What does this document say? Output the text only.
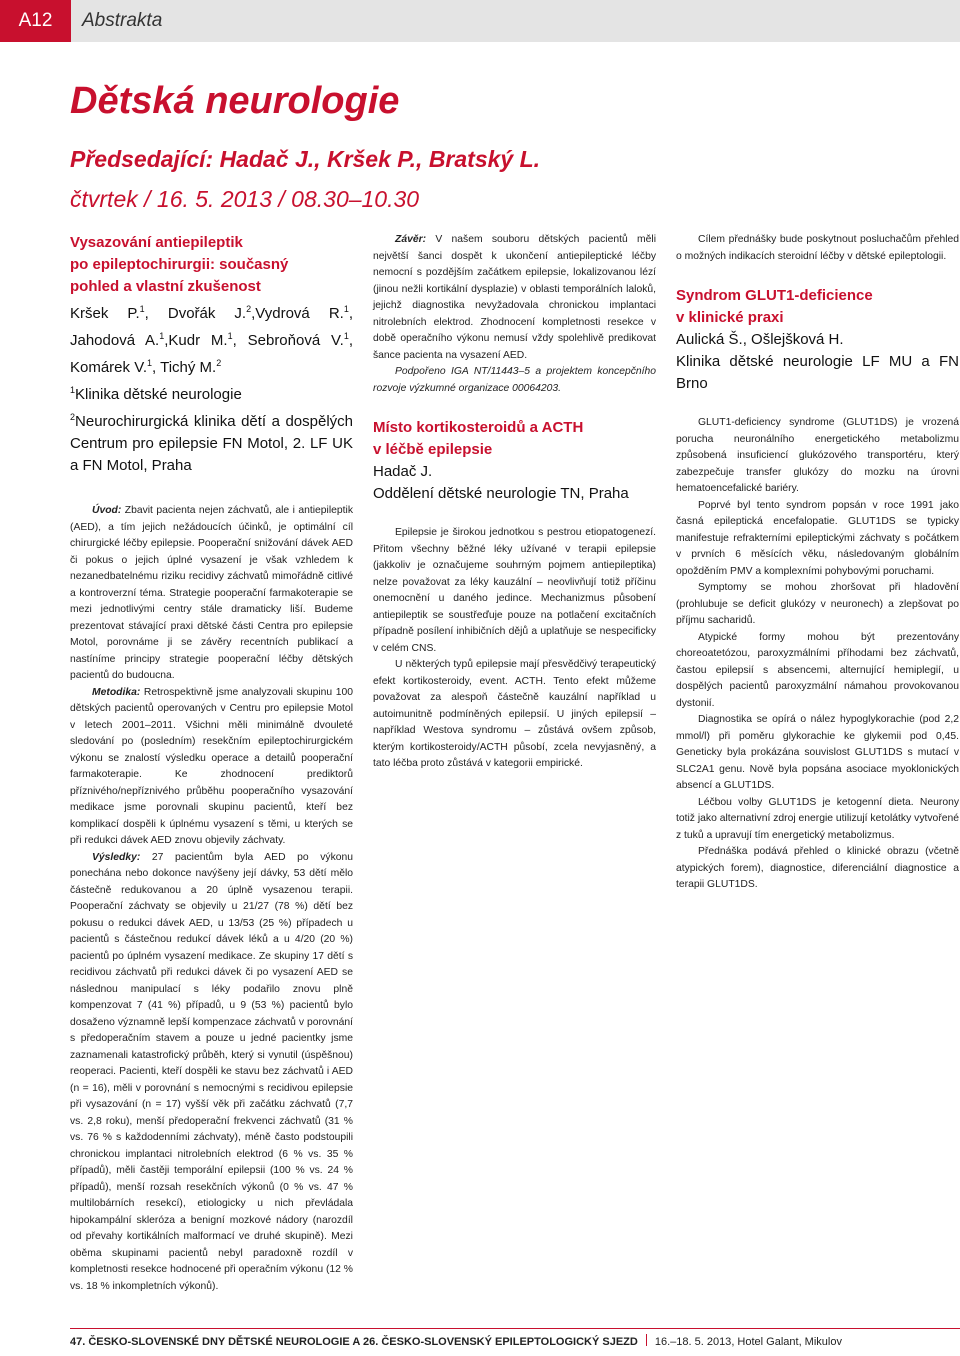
A12	Abstrakta
Dětská neurologie
Předsedající: Hadač J., Kršek P., Bratský L.
čtvrtek / 16. 5. 2013 / 08.30–10.30
Vysazování antiepileptik
po epileptochirurgii: současný
pohled a vlastní zkušenost
Kršek P.$^1$, Dvořák J.$^2$,Vydrová R.$^1$, Jahodová A.$^1$,Kudr M.$^1$, Sebroňová V.$^1$, Komárek V.$^1$, Tichý M.$^2$
$^1$Klinika dětské neurologie
$^2$Neurochirurgická klinika dětí a dospělých Centrum pro epilepsie FN Motol, 2. LF UK a FN Motol, Praha

Úvod: Zbavit pacienta nejen záchvatů, ale i antiepileptik (AED), a tím jejich nežádoucích účinků, je optimální cíl chirurgické léčby epilepsie. Pooperační snižování dávek AED či pokus o jejich úplné vysazení je však vzhledem k nezanedbatelnému riziku recidivy záchvatů mimořádně citlivé a kontroverzní téma. Strategie pooperační farmakoterapie se mezi jednotlivými centry stále dramaticky liší. Budeme prezentovat stávající praxi dětské části Centra pro epilepsie Motol, porovnáme ji se závěry recentních publikací a nastíníme principy strategie pooperační léčby dětských pacientů do budoucna.

Metodika: Retrospektivně jsme analyzovali skupinu 100 dětských pacientů operovaných v Centru pro epilepsie Motol v letech 2001–2011. Všichni měli minimálně dvouleté sledování po (posledním) resekčním epileptochirurgickém výkonu se znalostí výsledku operace a detailů pooperační farmakoterapie. Ke zhodnocení prediktorů příznivého/nepříznivého průběhu pooperačního vysazování medikace jsme porovnali skupinu pacientů, kteří bez komplikací dospěli k úplnému vysazení s těmi, u kterých se při redukci dávek AED znovu objevily záchvaty.

Výsledky: 27 pacientům byla AED po výkonu ponechána nebo dokonce navýšeny její dávky, 53 dětí mělo částečně redukovanou a 20 úplně vysazenou terapii. Pooperační záchvaty se objevily u 21/27 (78 %) dětí bez pokusu o redukci dávek AED, u 13/53 (25 %) případech u pacientů s částečnou redukcí dávek léků a u 4/20 (20 %) pacientů po úplném vysazení medikace. Ze skupiny 17 dětí s recidivou záchvatů při redukci dávek či po vysazení AED se následnou manipulací s léky podařilo znovu plně kompenzovat 7 (41 %) případů, u 9 (53 %) pacientů bylo dosaženo významně lepší kompenzace záchvatů v porovnání s předoperačním stavem a pouze u jedné pacientky jsme zaznamenali katastrofický průběh, který si vynutil (úspěšnou) reoperaci. Pacienti, kteří dospěli ke stavu bez záchvatů i AED (n = 16), měli v porovnání s nemocnými s recidivou epilepsie při vysazování (n = 17) vyšší věk při začátku záchvatů (7,7 vs. 2,8 roku), menší předoperační frekvenci záchvatů (31 % vs. 76 % s každodenními záchvaty), méně často podstoupili chronickou implantaci nitrolebních elektrod (6 % vs. 35 % případů), měli častěji temporální epilepsii (100 % vs. 24 % případů), menší rozsah resekčních výkonů (0 % vs. 47 % multilobárních resekcí), etiologicky u nich převládala hipokampální skleróza a benigní mozkové nádory (narozdíl od převahy kortikálních malformací ve druhé skupině). Mezi oběma skupinami pacientů nebyl paradoxně rozdíl v kompletnosti resekce hodnocené při operačním výkonu (12 % vs. 18 % inkompletních výkonů).

Závěr: V našem souboru dětských pacientů měli největší šanci dospět k ukončení antiepileptické léčby nemocní s pozdějším začátkem epilepsie, lokalizovanou lézí (jinou nežli kortikální dysplazie) v oblasti temporálních laloků, jejichž diagnostika nevyžadovala chronickou implantaci nitrolebních elektrod. Zhodnocení kompletnosti resekce v době operačního výkonu nemusí vždy spolehlivě predikovat šance pacienta na vysazení AED.

Podpořeno IGA NT/11443–5 a projektem koncepčního rozvoje výzkumné organizace 00064203.

Místo kortikosteroidů a ACTH
v léčbě epilepsie
Hadač J.
Oddělení dětské neurologie TN, Praha

Epilepsie je širokou jednotkou s pestrou etiopatogenezí. Přitom všechny běžné léky užívané v terapii epilepsie (jakkoliv je označujeme souhrným pojmem antiepileptika) nelze považovat za léky kauzální – neovlivňují totiž příčinu onemocnění u daného jedince. Mechanizmus působení antiepileptik se soustřeďuje pouze na potlačení excitačních případně posílení inhibičních dějů a uplatňuje se nespecificky v celém CNS.

U některých typů epilepsie mají přesvědčivý terapeutický efekt kortikosteroidy, event. ACTH. Tento efekt můžeme považovat za alespoň částečně kauzální například u autoimunitně podmíněných epilepsií. U jiných epilepsií – například Westova syndromu – zůstává ovšem způsob, kterým kortikosteroidy/ACTH působí, zcela nevyjasněný, a tato léčba proto zůstává v kategorii empirické.

Cílem přednášky bude poskytnout posluchačům přehled o možných indikacích steroidní léčby v dětské epileptologii.

Syndrom GLUT1-deficience
v klinické praxi
Aulická Š., Ošlejšková H.
Klinika dětské neurologie LF MU a FN Brno

GLUT1-deficiency syndrome (GLUT1DS) je vrozená porucha neuronálního energetického metabolizmu způsobená insuficiencí glukózového transportéru, který zabezpečuje transfer glukózy do mozku na úrovni hematoencefalické bariéry.

Poprvé byl tento syndrom popsán v roce 1991 jako časná epileptická encefalopatie. GLUT1DS se typicky manifestuje refrakterními epileptickými záchvaty s počátkem v prvních 6 měsících věku, následovaným globálním opožděním PMV a komplexními pohybovými poruchami.

Symptomy se mohou zhoršovat při hladovění (prohlubuje se deficit glukózy v neuronech) a zlepšovat po příjmu sacharidů.

Atypické formy mohou být prezentovány choreoatetózou, paroxyzmálními příhodami bez záchvatů, častou epilepsií s absencemi, alternující hemiplegií, u dospělých pacientů paroxyzmální námahou provokovanou dystonií.

Diagnostika se opírá o nález hypoglykorachie (pod 2,2 mmol/l) při poměru glykorachie ke glykemii pod 0,45. Geneticky byla prokázána souvislost GLUT1DS s mutací v SLC2A1 genu. Nově byla popsána asociace myoklonických absencí a GLUT1DS.

Léčbou volby GLUT1DS je ketogenní dieta. Neurony totiž jako alternativní zdroj energie utilizují ketolátky vytvořené z tuků a upravují tím energetický metabolizmus.

Přednáška podává přehled o klinické obrazu (včetně atypických forem), diagnostice, diferenciální diagnostice a terapii GLUT1DS.

47. ČESKO-SLOVENSKÉ DNY DĚTSKÉ NEUROLOGIE A 26. ČESKO-SLOVENSKÝ EPILEPTOLOGICKÝ SJEZD 16.–18. 5. 2013, Hotel Galant, Mikulov
